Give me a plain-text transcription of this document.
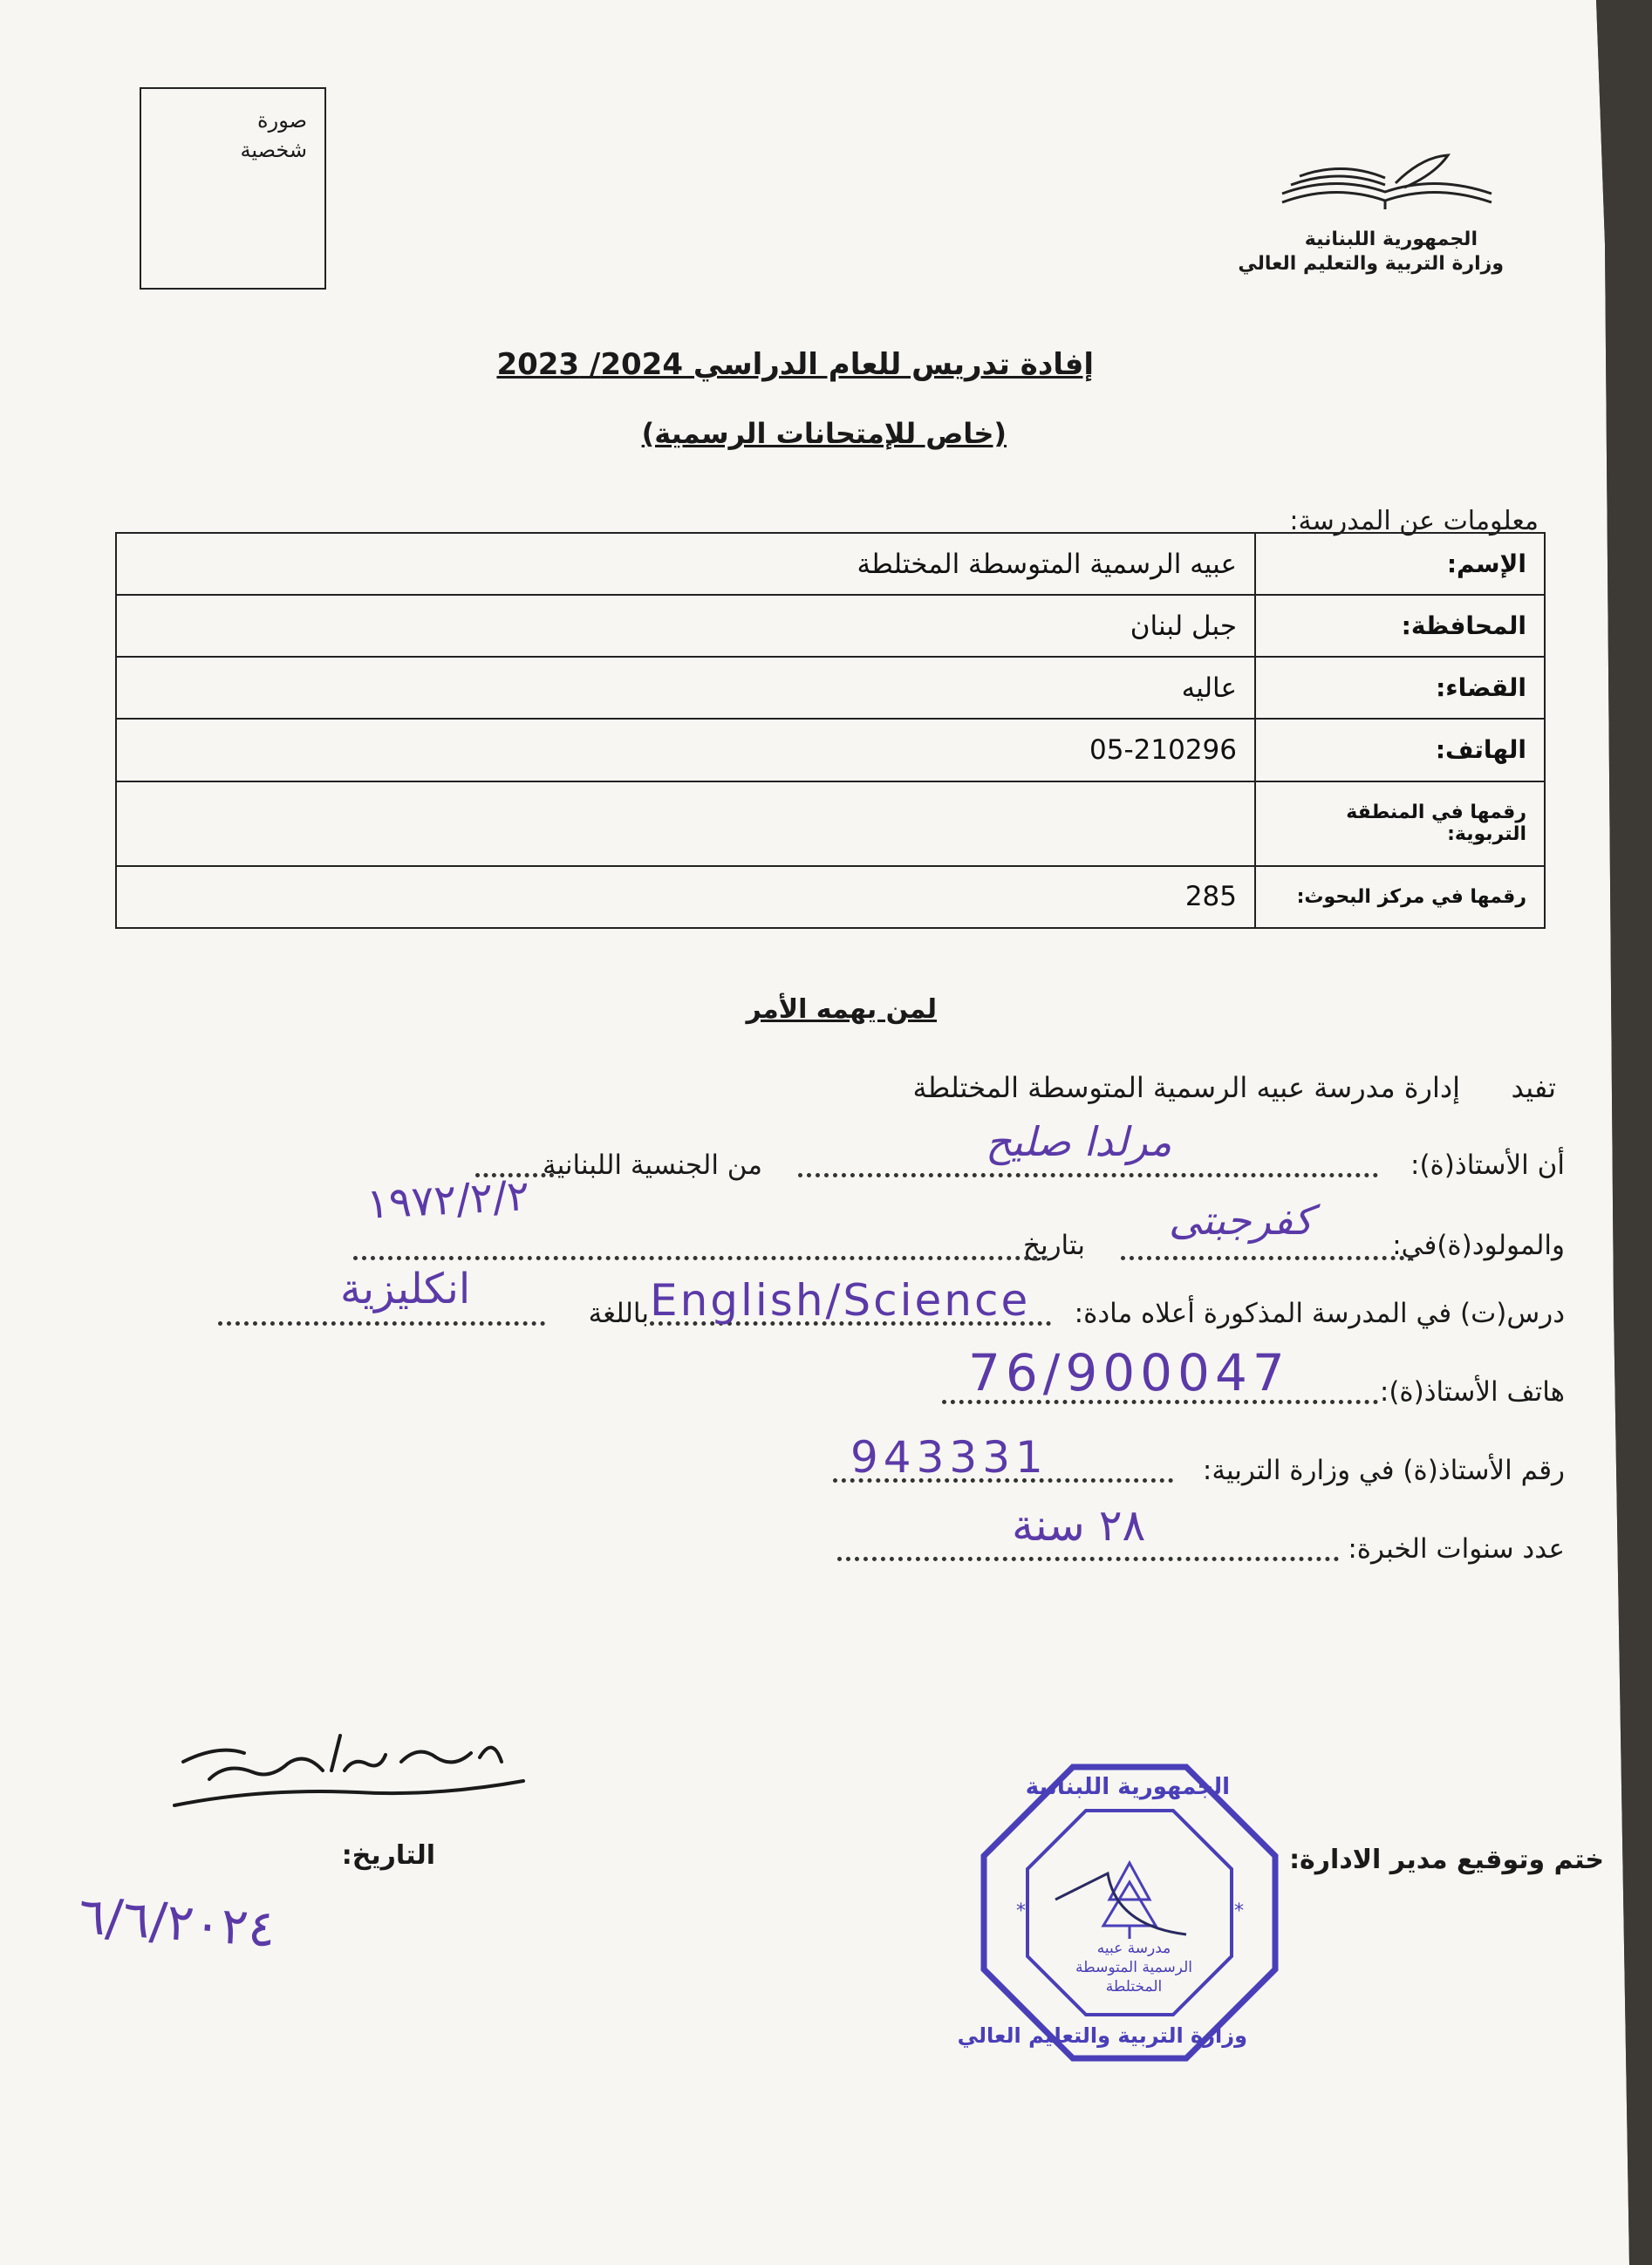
صورة
شخصية
الجمهورية اللبنانية
وزارة التربية والتعليم العالي
إفادة تدريس للعام الدراسي 2024/ 2023
(خاص للإمتحانات الرسمية)
معلومات عن المدرسة:
الإسم:	عبيه الرسمية المتوسطة المختلطة
المحافظة:	جبل لبنان
القضاء:	عاليه
الهاتف:	05-210296
رقمها في المنطقة التربوية:	
رقمها في مركز البحوث:	285
لمن يهمه الأمر
تفيد
إدارة مدرسة عبيه الرسمية المتوسطة المختلطة
أن الأستاذ(ة):
مرلدا صليح
من الجنسية اللبنانية
والمولود(ة)في:
كفرجبتى
بتاريخ
١٩٧٢/٢/٢
درس(ت) في المدرسة المذكورة أعلاه مادة:
English/Science
باللغة
انكليزية
هاتف الأستاذ(ة):
76/900047
رقم الأستاذ(ة) في وزارة التربية:
943331
عدد سنوات الخبرة:
٢٨ سنة
التاريخ:
٦/٦/٢٠٢٤
ختم وتوقيع مدير الادارة:
*	*
الجمهورية اللبنانية
مدرسة عبيه الرسمية المتوسطة المختلطة
وزارة التربية والتعليم العالي
